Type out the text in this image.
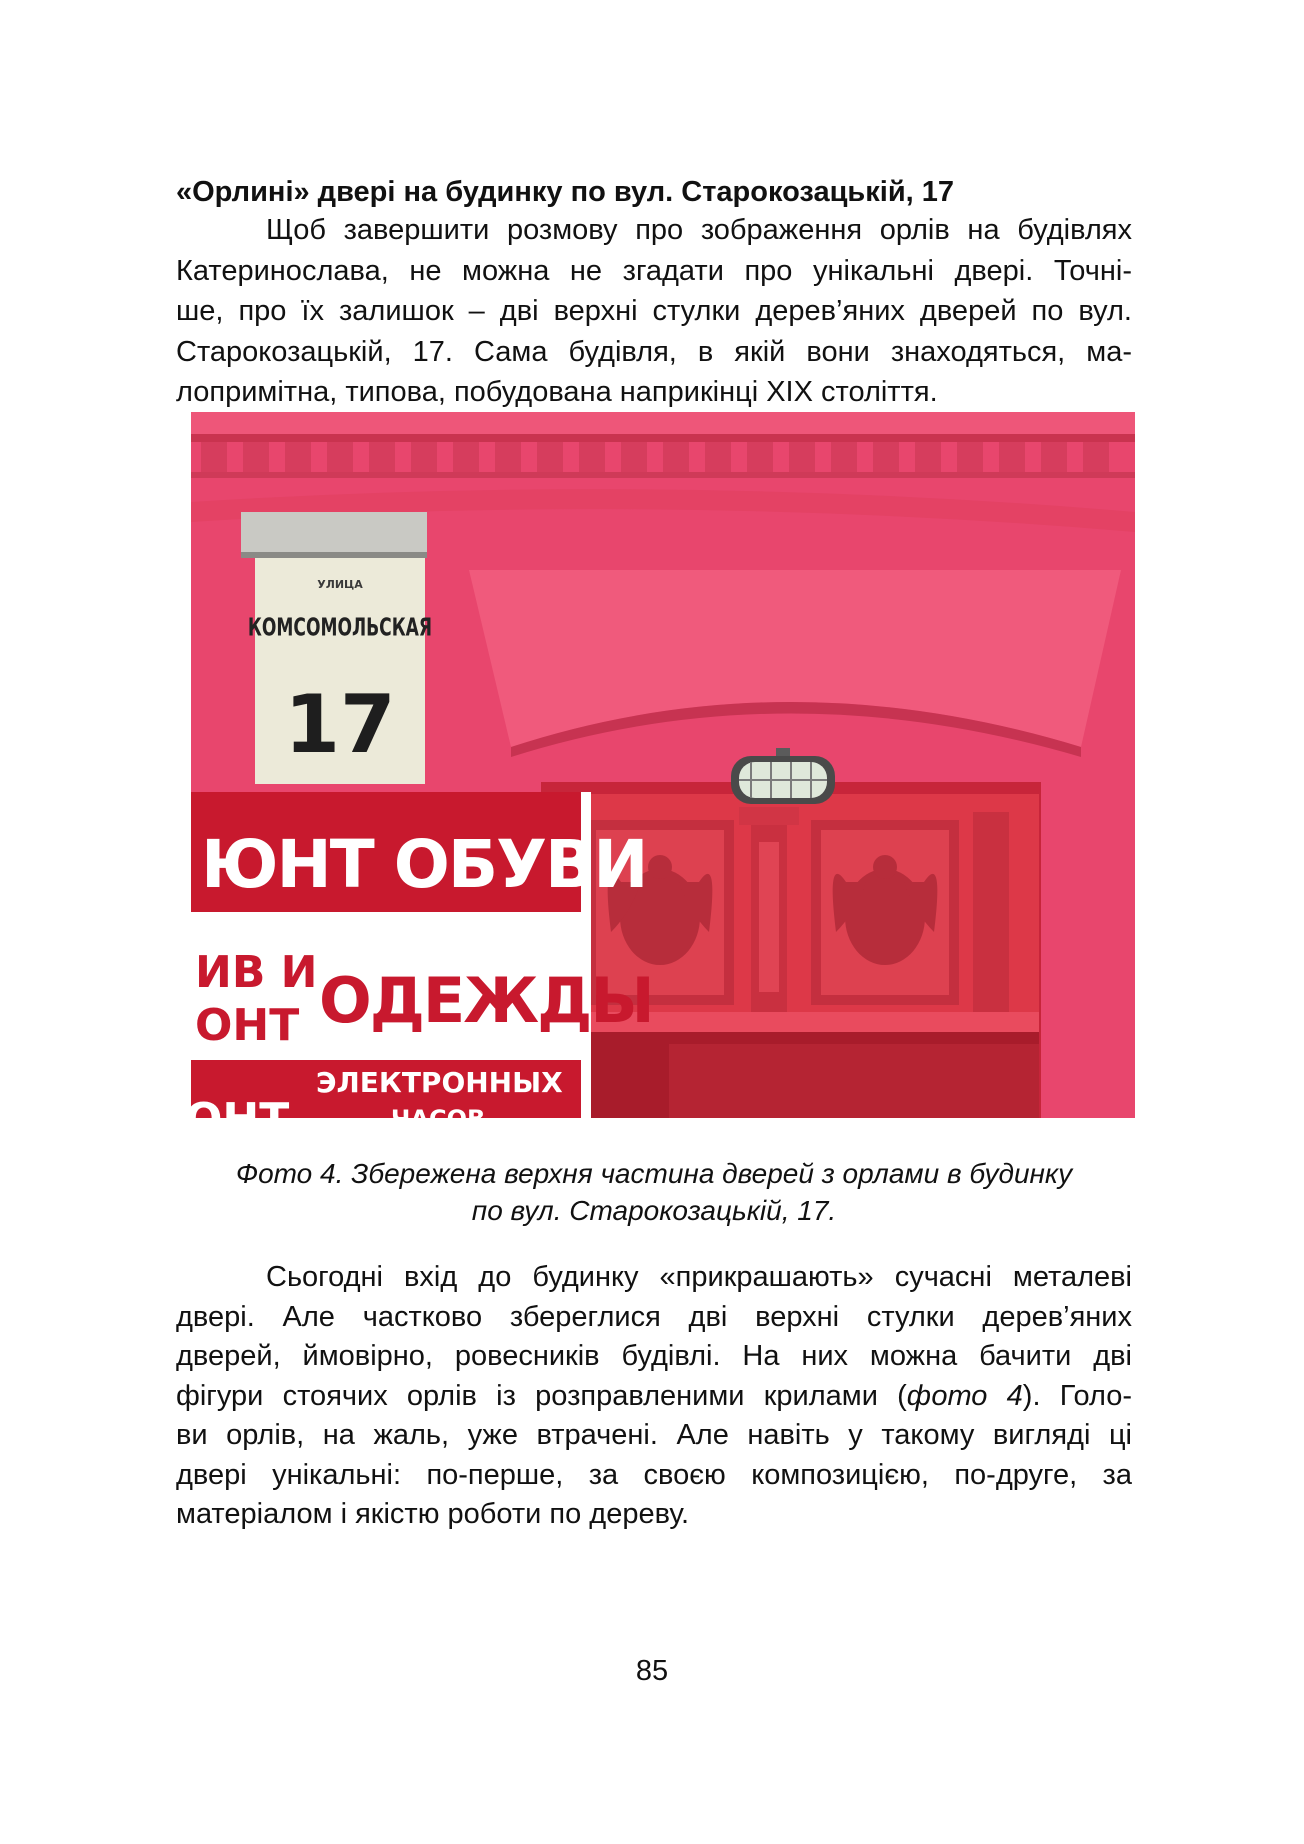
«Орлині» двері на будинку по вул. Старокозацькій, 17
Щоб завершити розмову про зображення орлів на будівлях
Катеринослава, не можна не згадати про унікальні двері. Точні-
ше, про їх залишок – дві верхні стулки дерев’яних дверей по вул.
Старокозацькій, 17. Сама будівля, в якій вони знаходяться, ма-
лопримітна, типова, побудована наприкінці ХІХ століття.
УЛИЦА
КОМСОМОЛЬСКАЯ
17
ЮНТ ОБУВИ
ИВ И
ОНТ ОДЕЖДЫ
ЭЛЕКТРОННЫХ
ЧАСОВ
ОНТ
Фото 4. Збережена верхня частина дверей з орлами в будинку
по вул. Старокозацькій, 17.
Сьогодні вхід до будинку «прикрашають» сучасні металеві
двері. Але частково збереглися дві верхні стулки дерев’яних
дверей, ймовірно, ровесників будівлі. На них можна бачити дві
фігури стоячих орлів із розправленими крилами (фото 4). Голо-
ви орлів, на жаль, уже втрачені. Але навіть у такому вигляді ці
двері унікальні: по-перше, за своєю композицією, по-друге, за
матеріалом і якістю роботи по дереву.
85
